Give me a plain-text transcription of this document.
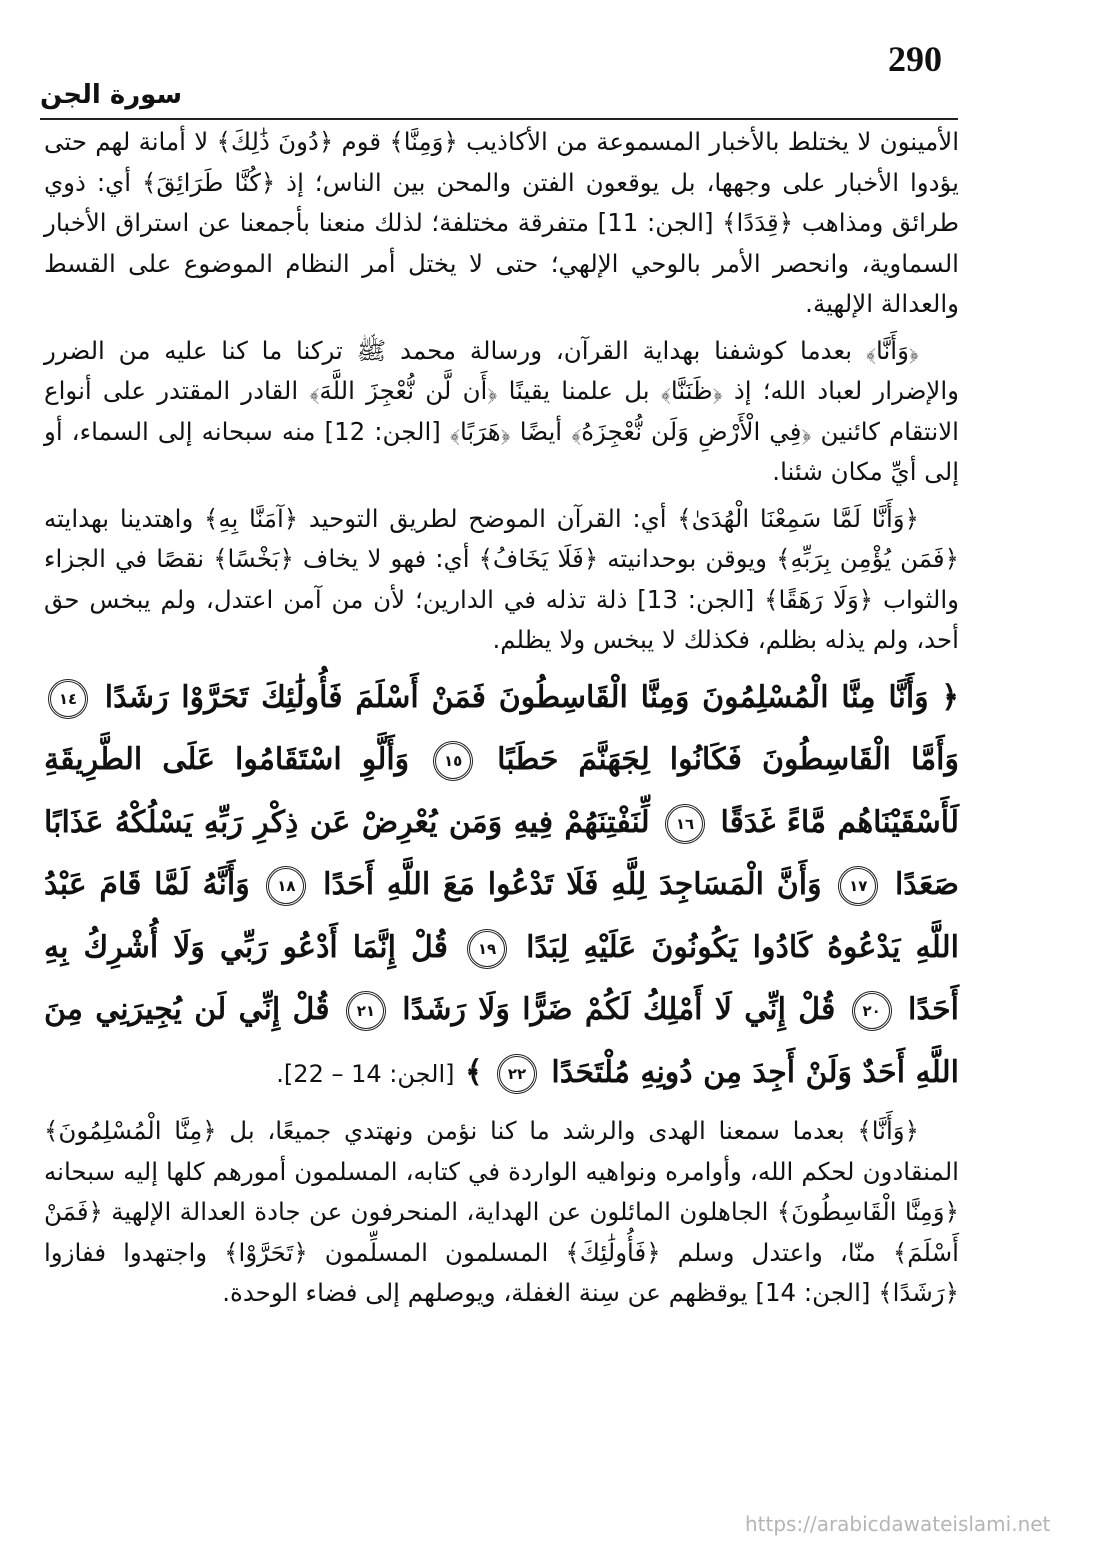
290
سورة الجن

الأمينون لا يختلط بالأخبار المسموعة من الأكاذيب ﴿وَمِنَّا﴾ قوم ﴿دُونَ ذَٰلِكَ﴾ لا أمانة لهم حتى يؤدوا الأخبار على وجهها، بل يوقعون الفتن والمحن بين الناس؛ إذ ﴿كُنَّا طَرَائِقَ﴾ أي: ذوي طرائق ومذاهب ﴿قِدَدًا﴾ [الجن: 11] متفرقة مختلفة؛ لذلك منعنا بأجمعنا عن استراق الأخبار السماوية، وانحصر الأمر بالوحي الإلهي؛ حتى لا يختل أمر النظام الموضوع على القسط والعدالة الإلهية.

﴿وَأَنَّا﴾ بعدما كوشفنا بهداية القرآن، ورسالة محمد ﷺ تركنا ما كنا عليه من الضرر والإضرار لعباد الله؛ إذ ﴿ظَنَنَّا﴾ بل علمنا يقينًا ﴿أَن لَّن نُّعْجِزَ اللَّهَ﴾ القادر المقتدر على أنواع الانتقام كائنين ﴿فِي الْأَرْضِ وَلَن نُّعْجِزَهُ﴾ أيضًا ﴿هَرَبًا﴾ [الجن: 12] منه سبحانه إلى السماء، أو إلى أيِّ مكان شئنا.

﴿وَأَنَّا لَمَّا سَمِعْنَا الْهُدَىٰ﴾ أي: القرآن الموضح لطريق التوحيد ﴿آمَنَّا بِهِ﴾ واهتدينا بهدايته ﴿فَمَن يُؤْمِن بِرَبِّهِ﴾ ويوقن بوحدانيته ﴿فَلَا يَخَافُ﴾ أي: فهو لا يخاف ﴿بَخْسًا﴾ نقصًا في الجزاء والثواب ﴿وَلَا رَهَقًا﴾ [الجن: 13] ذلة تذله في الدارين؛ لأن من آمن اعتدل، ولم يبخس حق أحد، ولم يذله بظلم، فكذلك لا يبخس ولا يظلم.

﴿ وَأَنَّا مِنَّا الْمُسْلِمُونَ وَمِنَّا الْقَاسِطُونَ فَمَنْ أَسْلَمَ فَأُولَٰئِكَ تَحَرَّوْا رَشَدًا ١٤ وَأَمَّا الْقَاسِطُونَ فَكَانُوا لِجَهَنَّمَ حَطَبًا ١٥ وَأَلَّوِ اسْتَقَامُوا عَلَى الطَّرِيقَةِ لَأَسْقَيْنَاهُم مَّاءً غَدَقًا ١٦ لِّنَفْتِنَهُمْ فِيهِ وَمَن يُعْرِضْ عَن ذِكْرِ رَبِّهِ يَسْلُكْهُ عَذَابًا صَعَدًا ١٧ وَأَنَّ الْمَسَاجِدَ لِلَّهِ فَلَا تَدْعُوا مَعَ اللَّهِ أَحَدًا ١٨ وَأَنَّهُ لَمَّا قَامَ عَبْدُ اللَّهِ يَدْعُوهُ كَادُوا يَكُونُونَ عَلَيْهِ لِبَدًا ١٩ قُلْ إِنَّمَا أَدْعُو رَبِّي وَلَا أُشْرِكُ بِهِ أَحَدًا ٢٠ قُلْ إِنِّي لَا أَمْلِكُ لَكُمْ ضَرًّا وَلَا رَشَدًا ٢١ قُلْ إِنِّي لَن يُجِيرَنِي مِنَ اللَّهِ أَحَدٌ وَلَنْ أَجِدَ مِن دُونِهِ مُلْتَحَدًا ٢٢ ﴾ [الجن: 14 – 22].

﴿وَأَنَّا﴾ بعدما سمعنا الهدى والرشد ما كنا نؤمن ونهتدي جميعًا، بل ﴿مِنَّا الْمُسْلِمُونَ﴾ المنقادون لحكم الله، وأوامره ونواهيه الواردة في كتابه، المسلمون أمورهم كلها إليه سبحانه ﴿وَمِنَّا الْقَاسِطُونَ﴾ الجاهلون المائلون عن الهداية، المنحرفون عن جادة العدالة الإلهية ﴿فَمَنْ أَسْلَمَ﴾ منّا، واعتدل وسلم ﴿فَأُولَٰئِكَ﴾ المسلمون المسلِّمون ﴿تَحَرَّوْا﴾ واجتهدوا ففازوا ﴿رَشَدًا﴾ [الجن: 14] يوقظهم عن سِنة الغفلة، ويوصلهم إلى فضاء الوحدة.

https://arabicdawateislami.net
